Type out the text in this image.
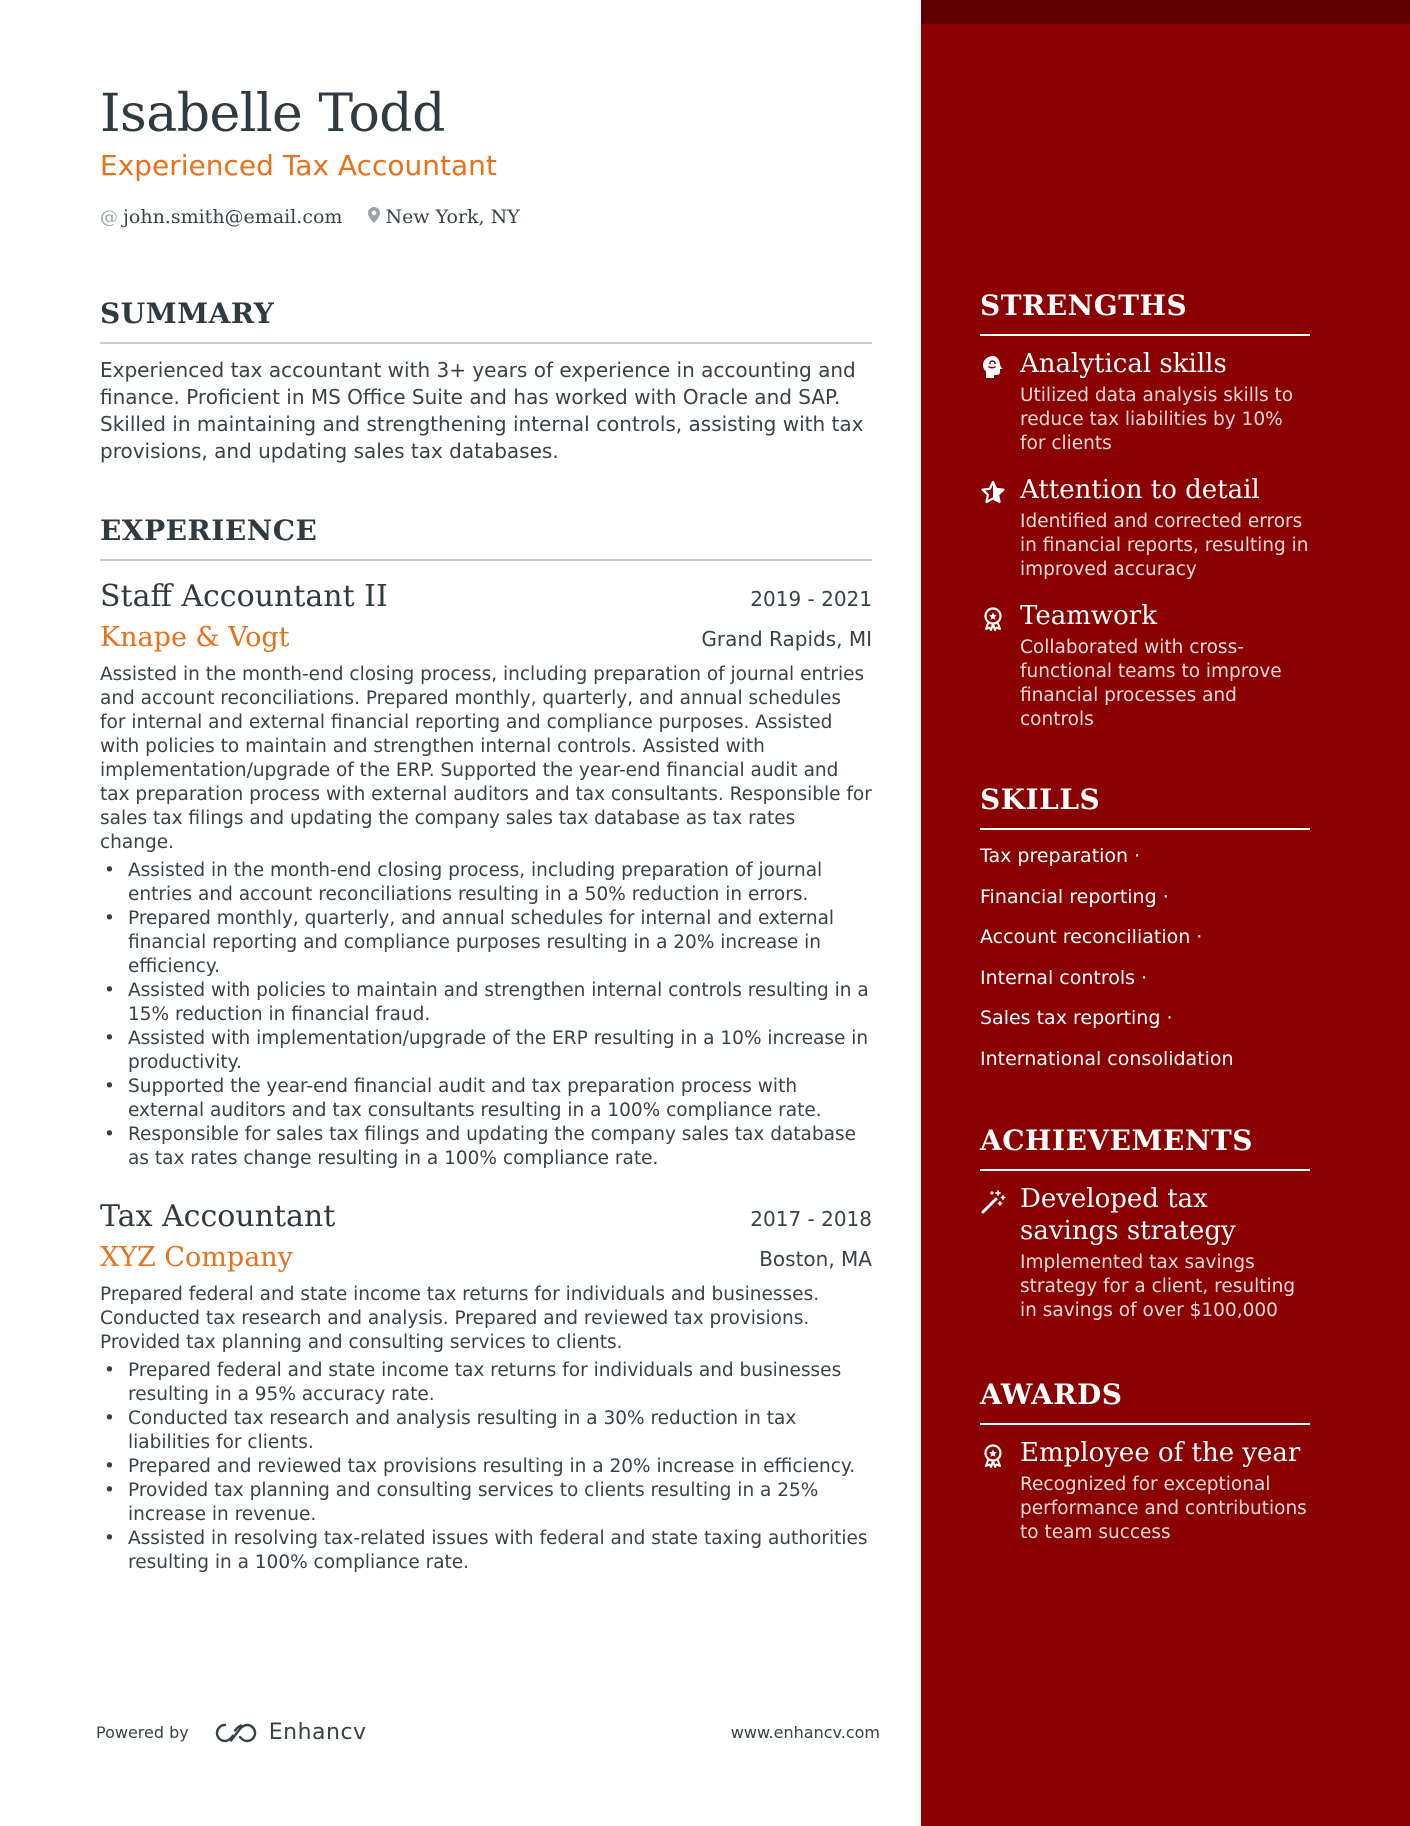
Isabelle Todd
Experienced Tax Accountant
@ john.smith@email.com New York, NY
SUMMARY

Experienced tax accountant with 3+ years of experience in accounting and finance. Proficient in MS Office Suite and has worked with Oracle and SAP. Skilled in maintaining and strengthening internal controls, assisting with tax provisions, and updating sales tax databases.

EXPERIENCE
Staff Accountant II	2019 - 2021
Knape & Vogt	Grand Rapids, MI

Assisted in the month-end closing process, including preparation of journal entries and account reconciliations. Prepared monthly, quarterly, and annual schedules for internal and external financial reporting and compliance purposes. Assisted with policies to maintain and strengthen internal controls. Assisted with implementation/upgrade of the ERP. Supported the year-end financial audit and tax preparation process with external auditors and tax consultants. Responsible for sales tax filings and updating the company sales tax database as tax rates change.

• Assisted in the month-end closing process, including preparation of journal entries and account reconciliations resulting in a 50% reduction in errors.
• Prepared monthly, quarterly, and annual schedules for internal and external financial reporting and compliance purposes resulting in a 20% increase in efficiency.
• Assisted with policies to maintain and strengthen internal controls resulting in a 15% reduction in financial fraud.
• Assisted with implementation/upgrade of the ERP resulting in a 10% increase in productivity.
• Supported the year-end financial audit and tax preparation process with external auditors and tax consultants resulting in a 100% compliance rate.
• Responsible for sales tax filings and updating the company sales tax database as tax rates change resulting in a 100% compliance rate.
Tax Accountant	2017 - 2018
XYZ Company	Boston, MA

Prepared federal and state income tax returns for individuals and businesses. Conducted tax research and analysis. Prepared and reviewed tax provisions. Provided tax planning and consulting services to clients.

• Prepared federal and state income tax returns for individuals and businesses resulting in a 95% accuracy rate.
• Conducted tax research and analysis resulting in a 30% reduction in tax liabilities for clients.
• Prepared and reviewed tax provisions resulting in a 20% increase in efficiency.
• Provided tax planning and consulting services to clients resulting in a 25% increase in revenue.
• Assisted in resolving tax-related issues with federal and state taxing authorities resulting in a 100% compliance rate.
Powered by	Enhancv	www.enhancv.com
STRENGTHS
Analytical skills
Utilized data analysis skills to reduce tax liabilities by 10% for clients
Attention to detail
Identified and corrected errors in financial reports, resulting in improved accuracy
Teamwork
Collaborated with cross-functional teams to improve financial processes and controls
SKILLS
Tax preparation ·
Financial reporting ·
Account reconciliation ·
Internal controls ·
Sales tax reporting ·
International consolidation
ACHIEVEMENTS
Developed tax savings strategy
Implemented tax savings strategy for a client, resulting in savings of over $100,000
AWARDS
Employee of the year
Recognized for exceptional performance and contributions to team success
